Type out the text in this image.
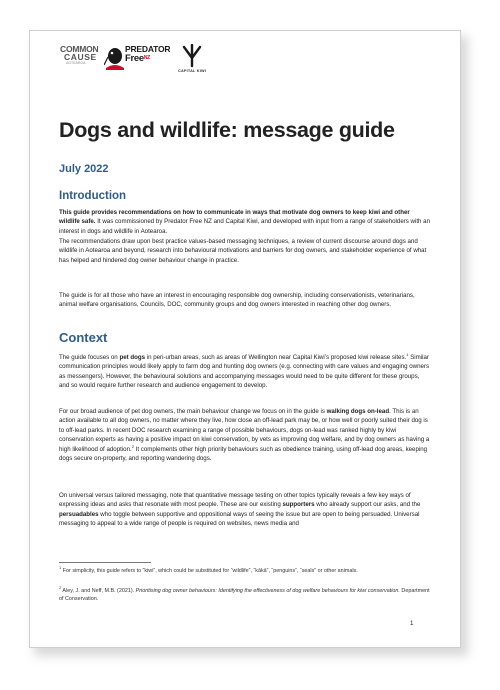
COMMON
CAUSE
AOTEAROA
PREDATOR
Free$^{NZ}$
CAPITAL KIWI
Dogs and wildlife: message guide
July 2022
Introduction

This guide provides recommendations on how to communicate in ways that motivate dog owners to keep kiwi and other wildlife safe. It was commissioned by Predator Free NZ and Capital Kiwi, and developed with input from a range of stakeholders with an interest in dogs and wildlife in Aotearoa.

The recommendations draw upon best practice values-based messaging techniques, a review of current discourse around dogs and wildlife in Aotearoa and beyond, research into behavioural motivations and barriers for dog owners, and stakeholder experience of what has helped and hindered dog owner behaviour change in practice.

The guide is for all those who have an interest in encouraging responsible dog ownership, including conservationists, veterinarians, animal welfare organisations, Councils, DOC, community groups and dog owners interested in reaching other dog owners.

Context

The guide focuses on pet dogs in peri-urban areas, such as areas of Wellington near Capital Kiwi’s proposed kiwi release sites.$^1$ Similar communication principles would likely apply to farm dog and hunting dog owners (e.g. connecting with care values and engaging owners as messengers). However, the behavioural solutions and accompanying messages would need to be quite different for these groups, and so would require further research and audience engagement to develop.

For our broad audience of pet dog owners, the main behaviour change we focus on in the guide is walking dogs on-lead. This is an action available to all dog owners, no matter where they live, how close an off-lead park may be, or how well or poorly suited their dog is to off-lead parks. In recent DOC research examining a range of possible behaviours, dogs on-lead was ranked highly by kiwi conservation experts as having a positive impact on kiwi conservation, by vets as improving dog welfare, and by dog owners as having a high likelihood of adoption.$^2$ It complements other high priority behaviours such as obedience training, using off-lead dog areas, keeping dogs secure on-property, and reporting wandering dogs.

On universal versus tailored messaging, note that quantitative message testing on other topics typically reveals a few key ways of expressing ideas and asks that resonate with most people. These are our existing supporters who already support our asks, and the persuadables who toggle between supportive and oppositional ways of seeing the issue but are open to being persuaded. Universal messaging to appeal to a wide range of people is required on websites, news media and

$^1$ For simplicity, this guide refers to “kiwi”, which could be substituted for “wildlife”, “kākā”, “penguins”, “seals” or other animals.

$^2$ Aley, J. and Neff, M.B. (2021). Prioritising dog owner behaviours: Identifying the effectiveness of dog welfare behaviours for kiwi conservation. Department of Conservation.

1
